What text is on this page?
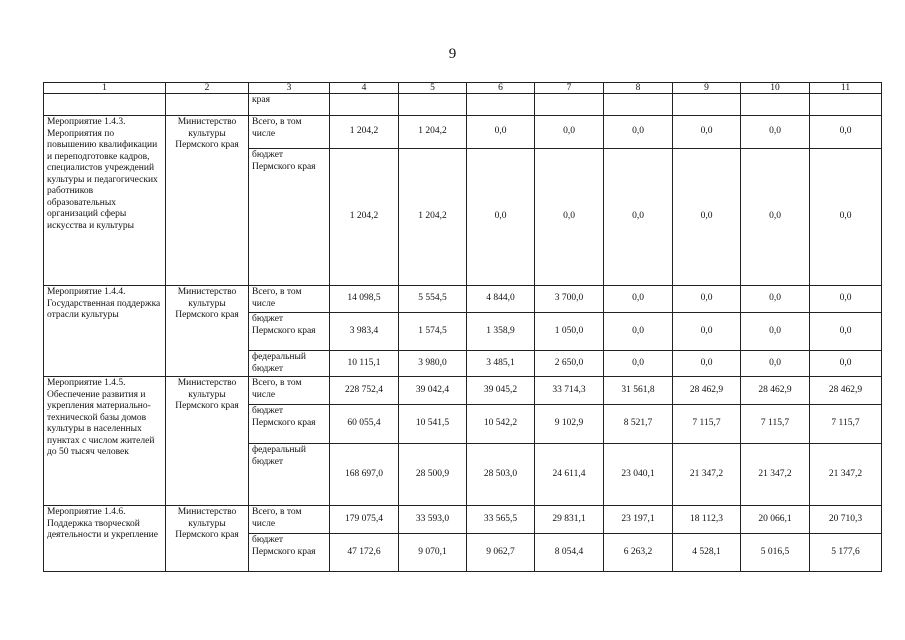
9
1	2	3	4	5	6	7	8	9	10	11
		края								
Мероприятие 1.4.3. Мероприятия по повышению квалификации и переподготовке кадров, специалистов учреждений культуры и педагогических работников образовательных организаций сферы искусства и культуры	Министерство культуры Пермского края	Всего, в том числе	1 204,2	1 204,2	0,0	0,0	0,0	0,0	0,0	0,0
		бюджет Пермского края	1 204,2	1 204,2	0,0	0,0	0,0	0,0	0,0	0,0
Мероприятие 1.4.4. Государственная поддержка отрасли культуры	Министерство культуры Пермского края	Всего, в том числе	14 098,5	5 554,5	4 844,0	3 700,0	0,0	0,0	0,0	0,0
		бюджет Пермского края	3 983,4	1 574,5	1 358,9	1 050,0	0,0	0,0	0,0	0,0
		федеральный бюджет	10 115,1	3 980,0	3 485,1	2 650,0	0,0	0,0	0,0	0,0
Мероприятие 1.4.5. Обеспечение развития и укрепления материально-технической базы домов культуры в населенных пунктах с числом жителей до 50 тысяч человек	Министерство культуры Пермского края	Всего, в том числе	228 752,4	39 042,4	39 045,2	33 714,3	31 561,8	28 462,9	28 462,9	28 462,9
		бюджет Пермского края	60 055,4	10 541,5	10 542,2	9 102,9	8 521,7	7 115,7	7 115,7	7 115,7
		федеральный бюджет	168 697,0	28 500,9	28 503,0	24 611,4	23 040,1	21 347,2	21 347,2	21 347,2
Мероприятие 1.4.6. Поддержка творческой деятельности и укрепление	Министерство культуры Пермского края	Всего, в том числе	179 075,4	33 593,0	33 565,5	29 831,1	23 197,1	18 112,3	20 066,1	20 710,3
		бюджет Пермского края	47 172,6	9 070,1	9 062,7	8 054,4	6 263,2	4 528,1	5 016,5	5 177,6
